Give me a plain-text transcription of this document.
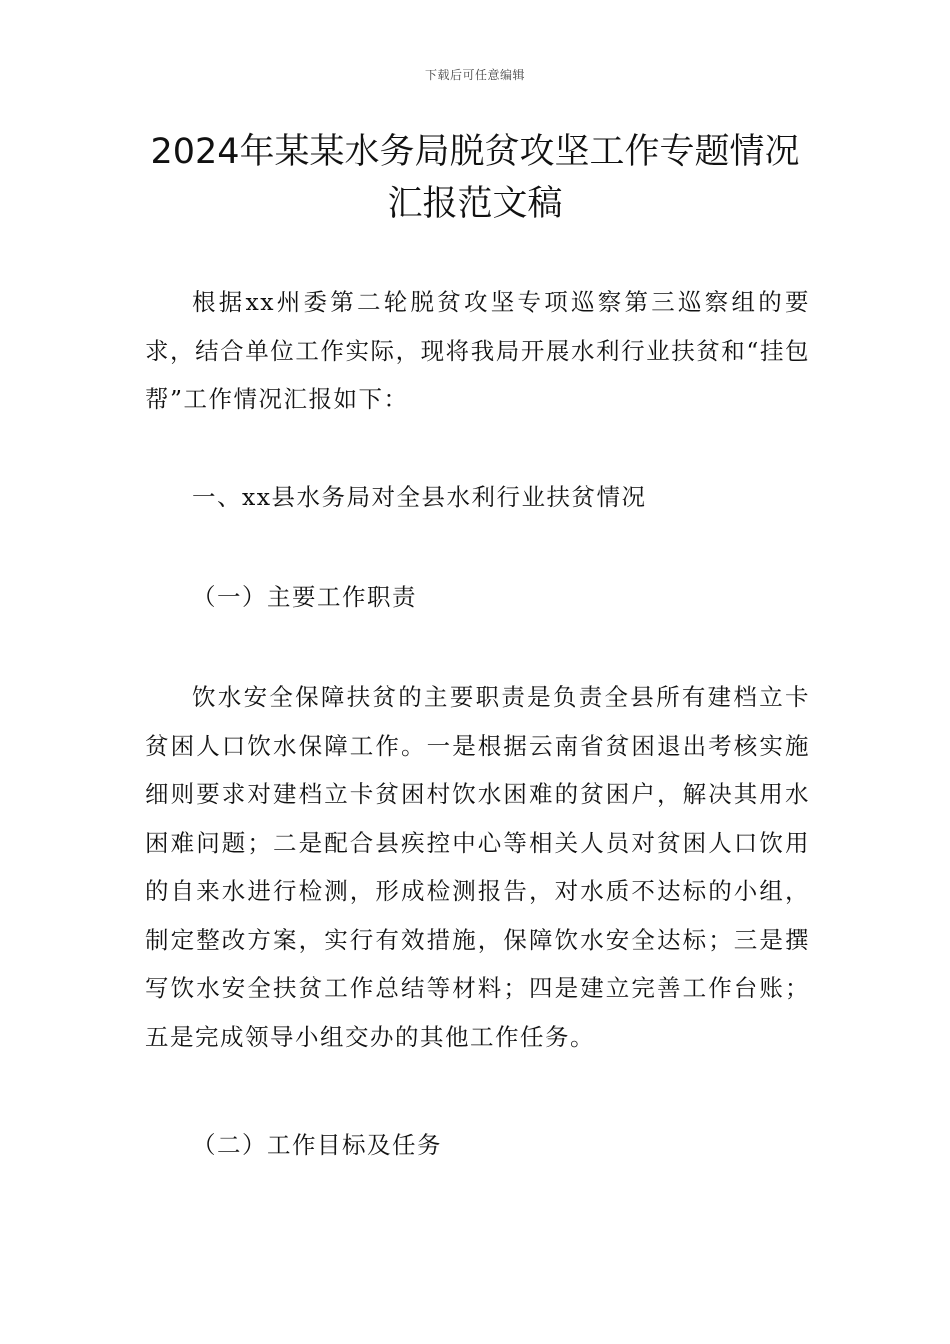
下载后可任意编辑
2024年某某水务局脱贫攻坚工作专题情况
汇报范文稿

根据xx州委第二轮脱贫攻坚专项巡察第三巡察组的要求，结合单位工作实际，现将我局开展水利行业扶贫和“挂包帮”工作情况汇报如下：

一、xx县水务局对全县水利行业扶贫情况

（一）主要工作职责

饮水安全保障扶贫的主要职责是负责全县所有建档立卡贫困人口饮水保障工作。一是根据云南省贫困退出考核实施细则要求对建档立卡贫困村饮水困难的贫困户，解决其用水困难问题；二是配合县疾控中心等相关人员对贫困人口饮用的自来水进行检测，形成检测报告，对水质不达标的小组，制定整改方案，实行有效措施，保障饮水安全达标；三是撰写饮水安全扶贫工作总结等材料；四是建立完善工作台账；五是完成领导小组交办的其他工作任务。

（二）工作目标及任务
